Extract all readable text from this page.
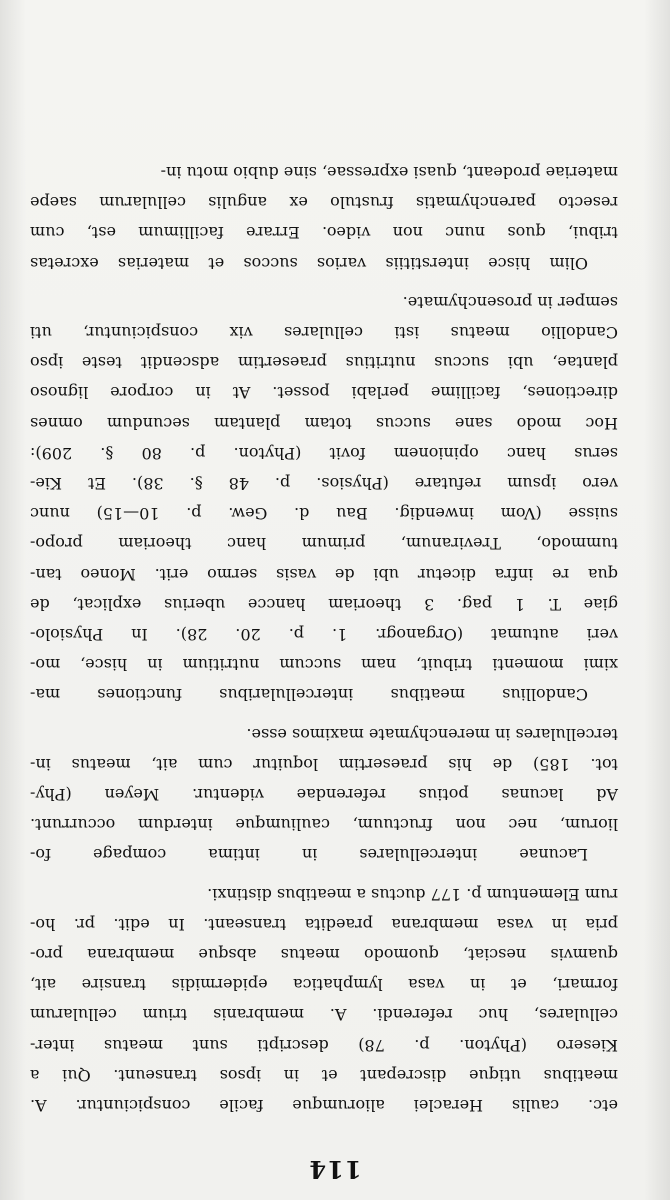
114
etc. caulis Heraclei aliorumque facile conspiciuntur. A.
meatibus utique discrepant et in ipsos transeunt. Qui a
Kiesero (Phyton. p. 78) descripti sunt meatus inter-
cellulares, huc referendi. A. membranis trium cellularum
formari, et in vasa lymphatica epidermidis transire ait,
quamvis nesciat, quomodo meatus absque membrana pro-
pria in vasa membrana praedita transeant. In edit. pr. ho-
rum Elementum p. 177 ductus a meatibus distinxi.
Lacunae intercellulares in intima compage fo-
liorum, nec non fructuum, cauliumque interdum occurrunt.
Ad lacunas potius referendae videntur. Meyen (Phy-
tot. 185) de his praesertim loquitur cum ait, meatus in-
tercellulares in merenchymate maximos esse.
Candollius meatibus intercellularibus functiones ma-
ximi momenti tribuit, nam succum nutritium in hisce, mo-
veri autumat (Organogr. 1. p. 20. 28). In Physiolo-
giae T. 1 pag. 3 theoriam hancce uberius explicat, de
qua re infra dicetur ubi de vasis sermo erit. Moneo tan-
tummodo, Treviranum, primum hanc theoriam propo-
suisse (Vom inwendig. Bau d. Gew. p. 10—15) nunc
vero ipsum refutare (Physios. p. 48 §. 38). Et Kie-
serus hanc opinionem fovit (Phyton. p. 80 §. 209):
Hoc modo sane succus totam plantam secundum omnes
directiones, facillime perlabi posset. At in corpore lignoso
plantae, ubi succus nutritius praesertim adscendit teste ipso
Candollio meatus isti cellulares vix conspiciuntur, uti
semper in prosenchymate.
Olim hisce interstitiis varios succos et materias excretas
tribui, quos nunc non video. Errare facillimum est, cum
resecto parenchymatis frustulo ex angulis cellularum saepe
materiae prodeant, quasi expressae, sine dubio motu in-
